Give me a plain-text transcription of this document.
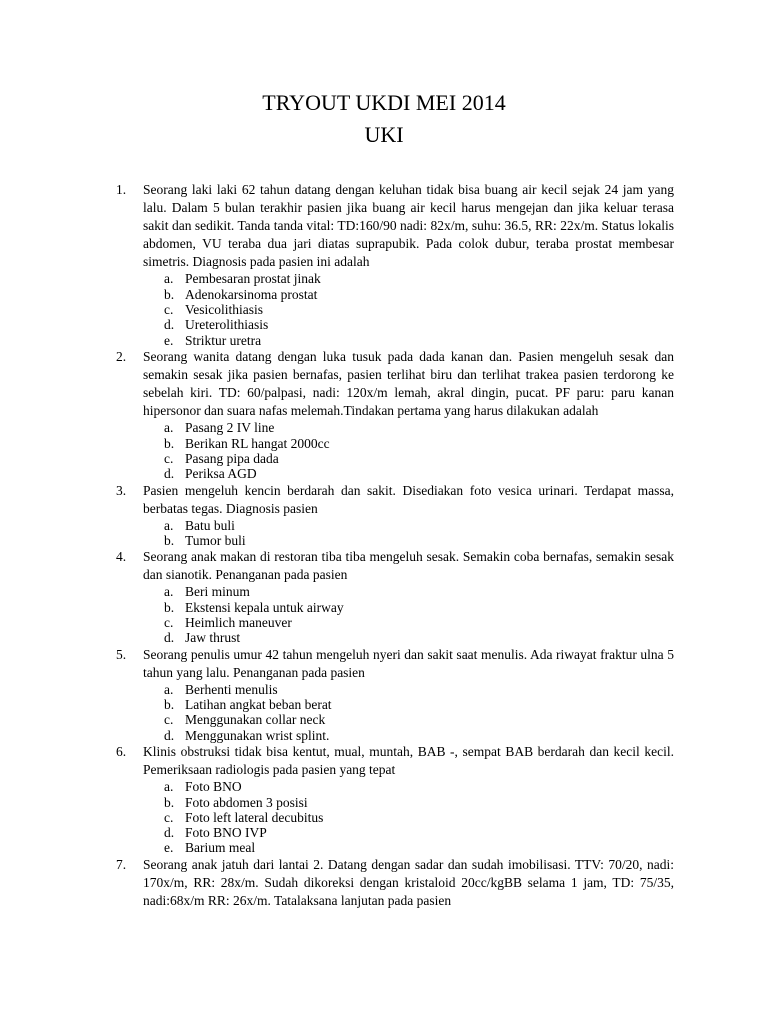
TRYOUT UKDI MEI 2014
UKI
1.	Seorang laki laki 62 tahun datang dengan keluhan tidak bisa buang air kecil sejak 24 jam yang lalu. Dalam 5 bulan terakhir pasien jika buang air kecil harus mengejan dan jika keluar terasa sakit dan sedikit. Tanda tanda vital: TD:160/90 nadi: 82x/m, suhu: 36.5, RR: 22x/m. Status lokalis abdomen, VU teraba dua jari diatas suprapubik. Pada colok dubur, teraba prostat membesar simetris. Diagnosis pada pasien ini adalah

a. Pembesaran prostat jinak
b. Adenokarsinoma prostat
c. Vesicolithiasis
d. Ureterolithiasis
e. Striktur uretra
2.	Seorang wanita datang dengan luka tusuk pada dada kanan dan. Pasien mengeluh sesak dan semakin sesak jika pasien bernafas, pasien terlihat biru dan terlihat trakea pasien terdorong ke sebelah kiri. TD: 60/palpasi, nadi: 120x/m lemah, akral dingin, pucat. PF paru: paru kanan hipersonor dan suara nafas melemah.Tindakan pertama yang harus dilakukan adalah

a. Pasang 2 IV line
b. Berikan RL hangat 2000cc
c. Pasang pipa dada
d. Periksa AGD
3.	Pasien mengeluh kencin berdarah dan sakit. Disediakan foto vesica urinari. Terdapat massa, berbatas tegas. Diagnosis pasien

a. Batu buli
b. Tumor buli
4.	Seorang anak makan di restoran tiba tiba mengeluh sesak. Semakin coba bernafas, semakin sesak dan sianotik. Penanganan pada pasien

a. Beri minum
b. Ekstensi kepala untuk airway
c. Heimlich maneuver
d. Jaw thrust
5.	Seorang penulis umur 42 tahun mengeluh nyeri dan sakit saat menulis. Ada riwayat fraktur ulna 5 tahun yang lalu. Penanganan pada pasien

a. Berhenti menulis
b. Latihan angkat beban berat
c. Menggunakan collar neck
d. Menggunakan wrist splint.
6.	Klinis obstruksi tidak bisa kentut, mual, muntah, BAB -, sempat BAB berdarah dan kecil kecil. Pemeriksaan radiologis pada pasien yang tepat

a. Foto BNO
b. Foto abdomen 3 posisi
c. Foto left lateral decubitus
d. Foto BNO IVP
e. Barium meal
7.	Seorang anak jatuh dari lantai 2. Datang dengan sadar dan sudah imobilisasi. TTV: 70/20, nadi: 170x/m, RR: 28x/m. Sudah dikoreksi dengan kristaloid 20cc/kgBB selama 1 jam, TD: 75/35, nadi:68x/m RR: 26x/m. Tatalaksana lanjutan pada pasien
